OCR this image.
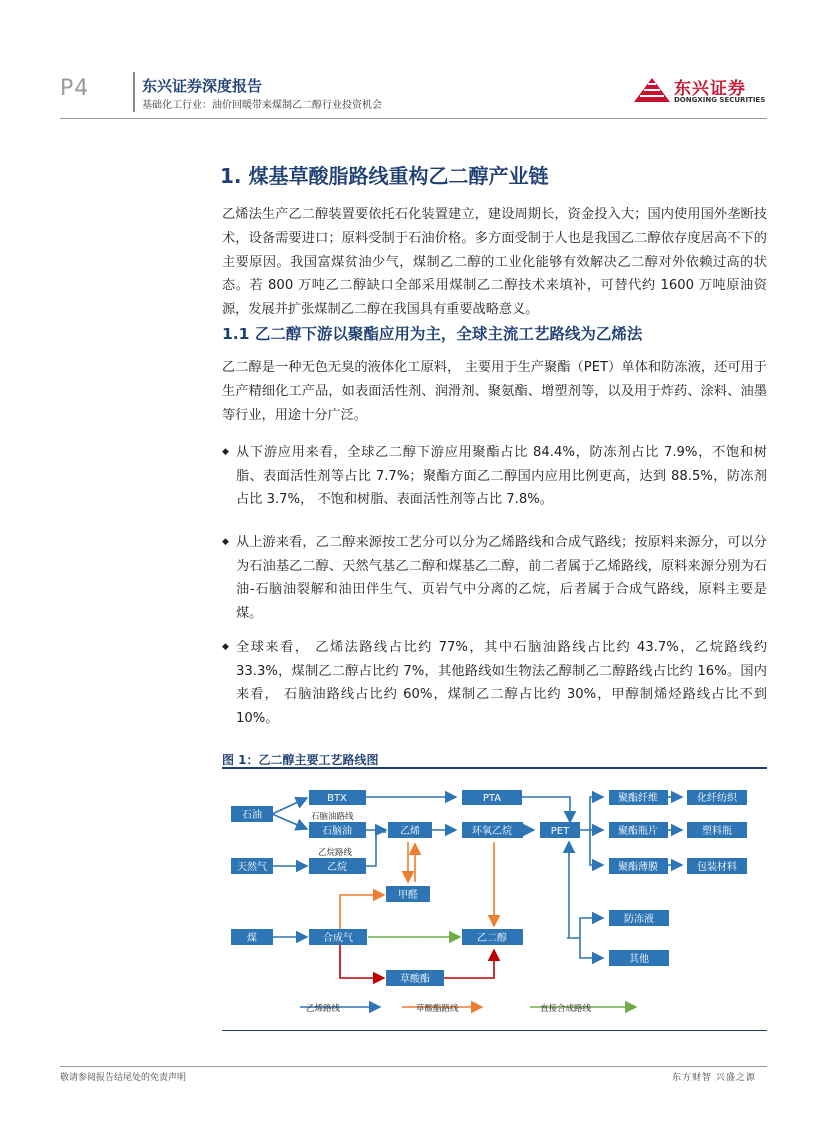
P4	东兴证券深度报告
基础化工行业：油价回暖带来煤制乙二醇行业投资机会
东兴证券
DONGXING SECURITIES
1. 煤基草酸脂路线重构乙二醇产业链
乙烯法生产乙二醇装置要依托石化装置建立，建设周期长，资金投入大；国内使用国外垄断技术，设备需要进口；原料受制于石油价格。多方面受制于人也是我国乙二醇依存度居高不下的主要原因。我国富煤贫油少气，煤制乙二醇的工业化能够有效解决乙二醇对外依赖过高的状态。若 800 万吨乙二醇缺口全部采用煤制乙二醇技术来填补，可替代约 1600 万吨原油资源，发展并扩张煤制乙二醇在我国具有重要战略意义。
1.1 乙二醇下游以聚酯应用为主，全球主流工艺路线为乙烯法
乙二醇是一种无色无臭的液体化工原料， 主要用于生产聚酯（PET）单体和防冻液，还可用于生产精细化工产品，如表面活性剂、润滑剂、聚氨酯、增塑剂等，以及用于炸药、涂料、油墨等行业，用途十分广泛。
◆ 从下游应用来看，全球乙二醇下游应用聚酯占比 84.4%，防冻剂占比 7.9%，不饱和树脂、表面活性剂等占比 7.7%；聚酯方面乙二醇国内应用比例更高，达到 88.5%，防冻剂占比 3.7%， 不饱和树脂、表面活性剂等占比 7.8%。
◆ 从上游来看，乙二醇来源按工艺分可以分为乙烯路线和合成气路线；按原料来源分，可以分为石油基乙二醇、天然气基乙二醇和煤基乙二醇，前二者属于乙烯路线，原料来源分别为石油-石脑油裂解和油田伴生气、页岩气中分离的乙烷，后者属于合成气路线，原料主要是煤。
◆ 全球来看， 乙烯法路线占比约 77%，其中石脑油路线占比约 43.7%，乙烷路线约 33.3%，煤制乙二醇占比约 7%，其他路线如生物法乙醇制乙二醇路线占比约 16%。国内来看， 石脑油路线占比约 60%，煤制乙二醇占比约 30%，甲醇制烯烃路线占比不到 10%。
图 1：乙二醇主要工艺路线图
石油
天然气
煤
BTX
石脑油
乙烷
乙烯
甲醛
合成气
草酸酯
环氧乙烷
乙二醇
PTA
PET
聚酯纤维
聚酯瓶片
聚酯薄膜
化纤纺织
塑料瓶
包装材料
防冻液
其他
石脑油路线
乙烷路线
乙烯路线	草酸酯路线	直接合成路线
敬请参阅报告结尾处的免责声明	东方财智 兴盛之源
